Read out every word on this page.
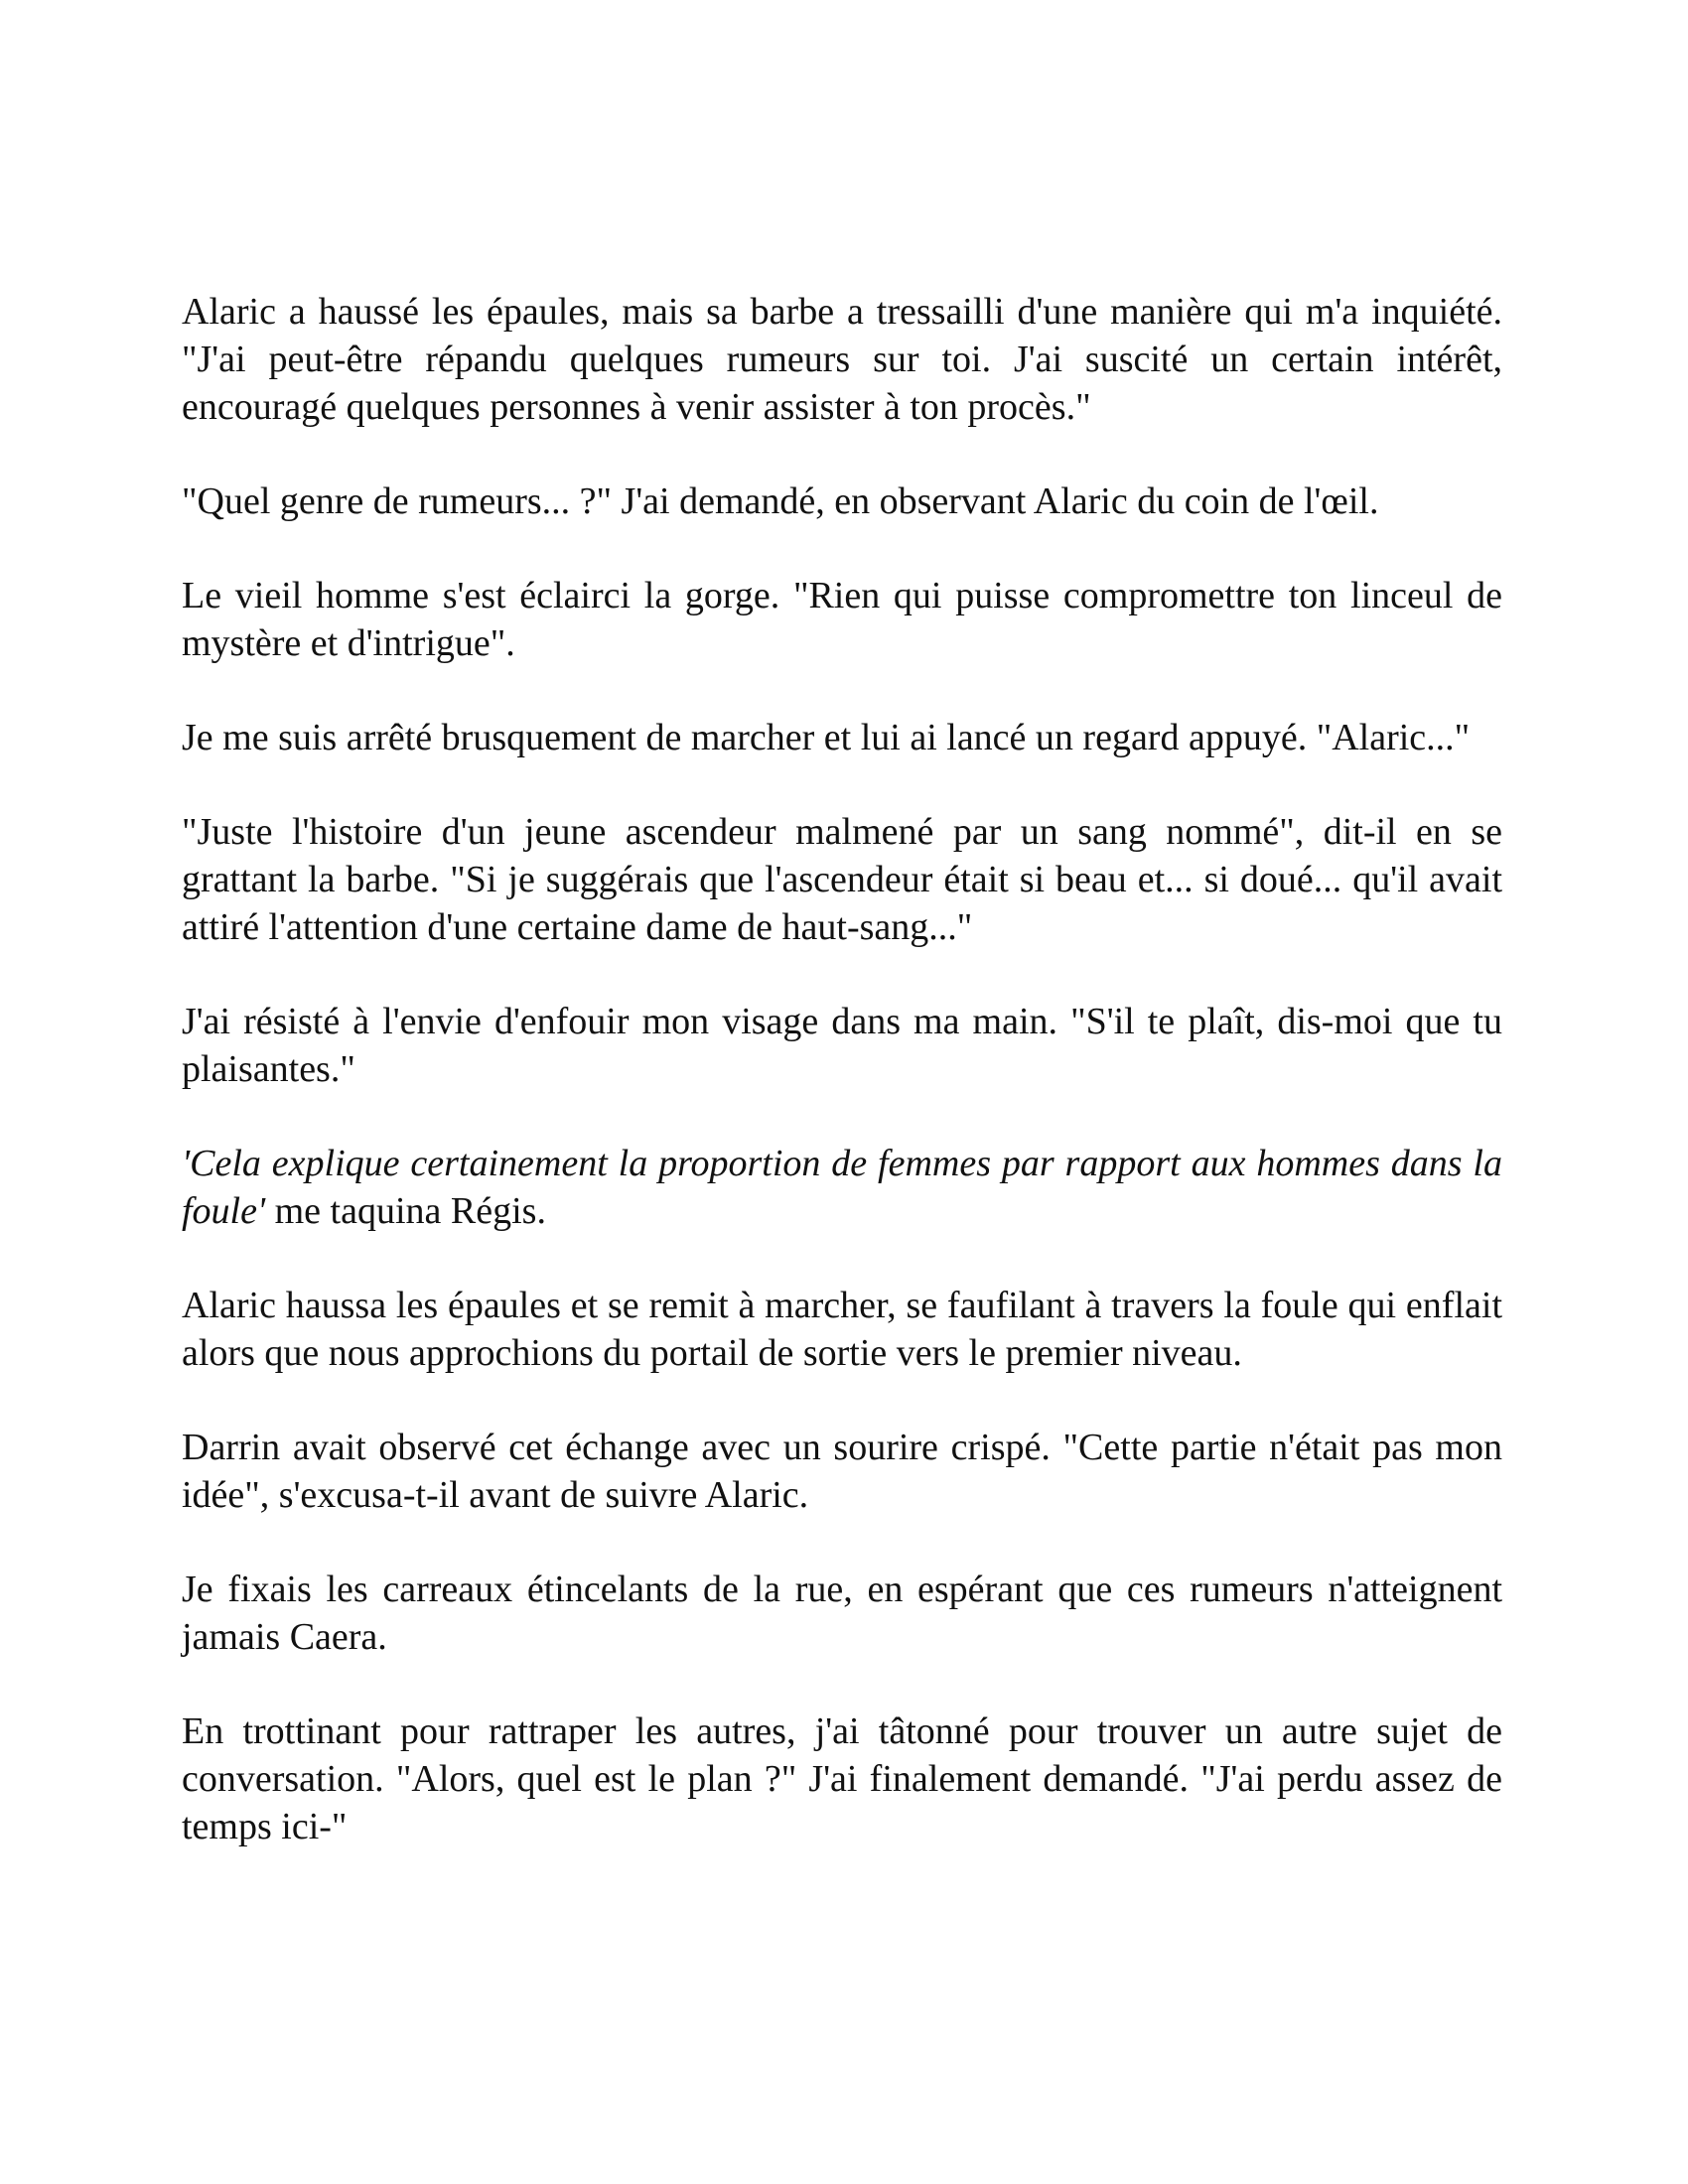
Alaric a haussé les épaules, mais sa barbe a tressailli d'une manière qui m'a inquiété. "J'ai peut-être répandu quelques rumeurs sur toi. J'ai suscité un certain intérêt, encouragé quelques personnes à venir assister à ton procès."

"Quel genre de rumeurs... ?" J'ai demandé, en observant Alaric du coin de l'œil.

Le vieil homme s'est éclairci la gorge. "Rien qui puisse compromettre ton linceul de mystère et d'intrigue".

Je me suis arrêté brusquement de marcher et lui ai lancé un regard appuyé. "Alaric..."

"Juste l'histoire d'un jeune ascendeur malmené par un sang nommé", dit-il en se grattant la barbe. "Si je suggérais que l'ascendeur était si beau et... si doué... qu'il avait attiré l'attention d'une certaine dame de haut-sang..."

J'ai résisté à l'envie d'enfouir mon visage dans ma main. "S'il te plaît, dis-moi que tu plaisantes."

'Cela explique certainement la proportion de femmes par rapport aux hommes dans la foule' me taquina Régis.

Alaric haussa les épaules et se remit à marcher, se faufilant à travers la foule qui enflait alors que nous approchions du portail de sortie vers le premier niveau.

Darrin avait observé cet échange avec un sourire crispé. "Cette partie n'était pas mon idée", s'excusa-t-il avant de suivre Alaric.

Je fixais les carreaux étincelants de la rue, en espérant que ces rumeurs n'atteignent jamais Caera.

En trottinant pour rattraper les autres, j'ai tâtonné pour trouver un autre sujet de conversation. "Alors, quel est le plan ?" J'ai finalement demandé. "J'ai perdu assez de temps ici-"
